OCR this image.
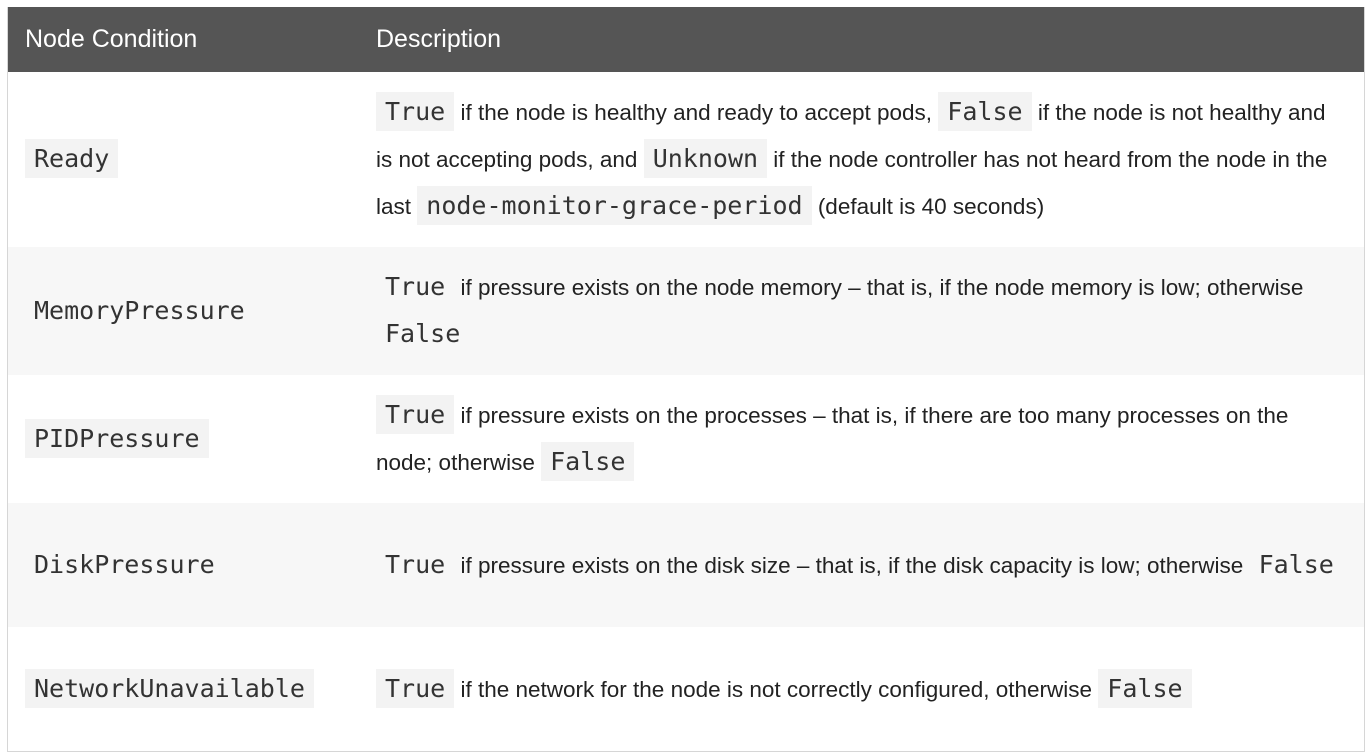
Node Condition	Description
Ready	True if the node is healthy and ready to accept pods, False if the node is not healthy and is not accepting pods, and Unknown if the node controller has not heard from the node in the last node-monitor-grace-period (default is 40 seconds)
MemoryPressure	True if pressure exists on the node memory – that is, if the node memory is low; otherwise False
PIDPressure	True if pressure exists on the processes – that is, if there are too many processes on the node; otherwise False
DiskPressure	True if pressure exists on the disk size – that is, if the disk capacity is low; otherwise False
NetworkUnavailable	True if the network for the node is not correctly configured, otherwise False
